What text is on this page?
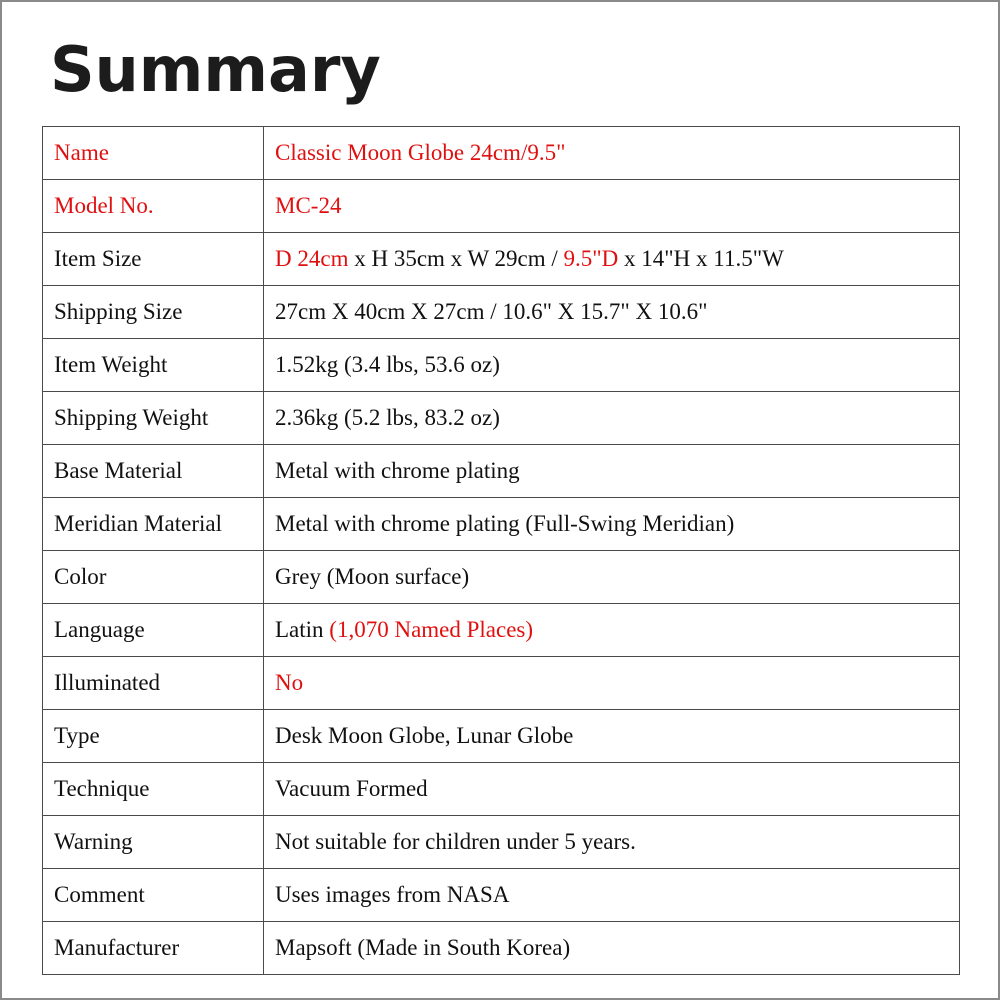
Summary
Name	Classic Moon Globe 24cm/9.5"
Model No.	MC-24
Item Size	D 24cm x H 35cm x W 29cm / 9.5"D x 14"H x 11.5"W
Shipping Size	27cm X 40cm X 27cm / 10.6" X 15.7" X 10.6"
Item Weight	1.52kg (3.4 lbs, 53.6 oz)
Shipping Weight	2.36kg (5.2 lbs, 83.2 oz)
Base Material	Metal with chrome plating
Meridian Material	Metal with chrome plating (Full-Swing Meridian)
Color	Grey (Moon surface)
Language	Latin (1,070 Named Places)
Illuminated	No
Type	Desk Moon Globe, Lunar Globe
Technique	Vacuum Formed
Warning	Not suitable for children under 5 years.
Comment	Uses images from NASA
Manufacturer	Mapsoft (Made in South Korea)
